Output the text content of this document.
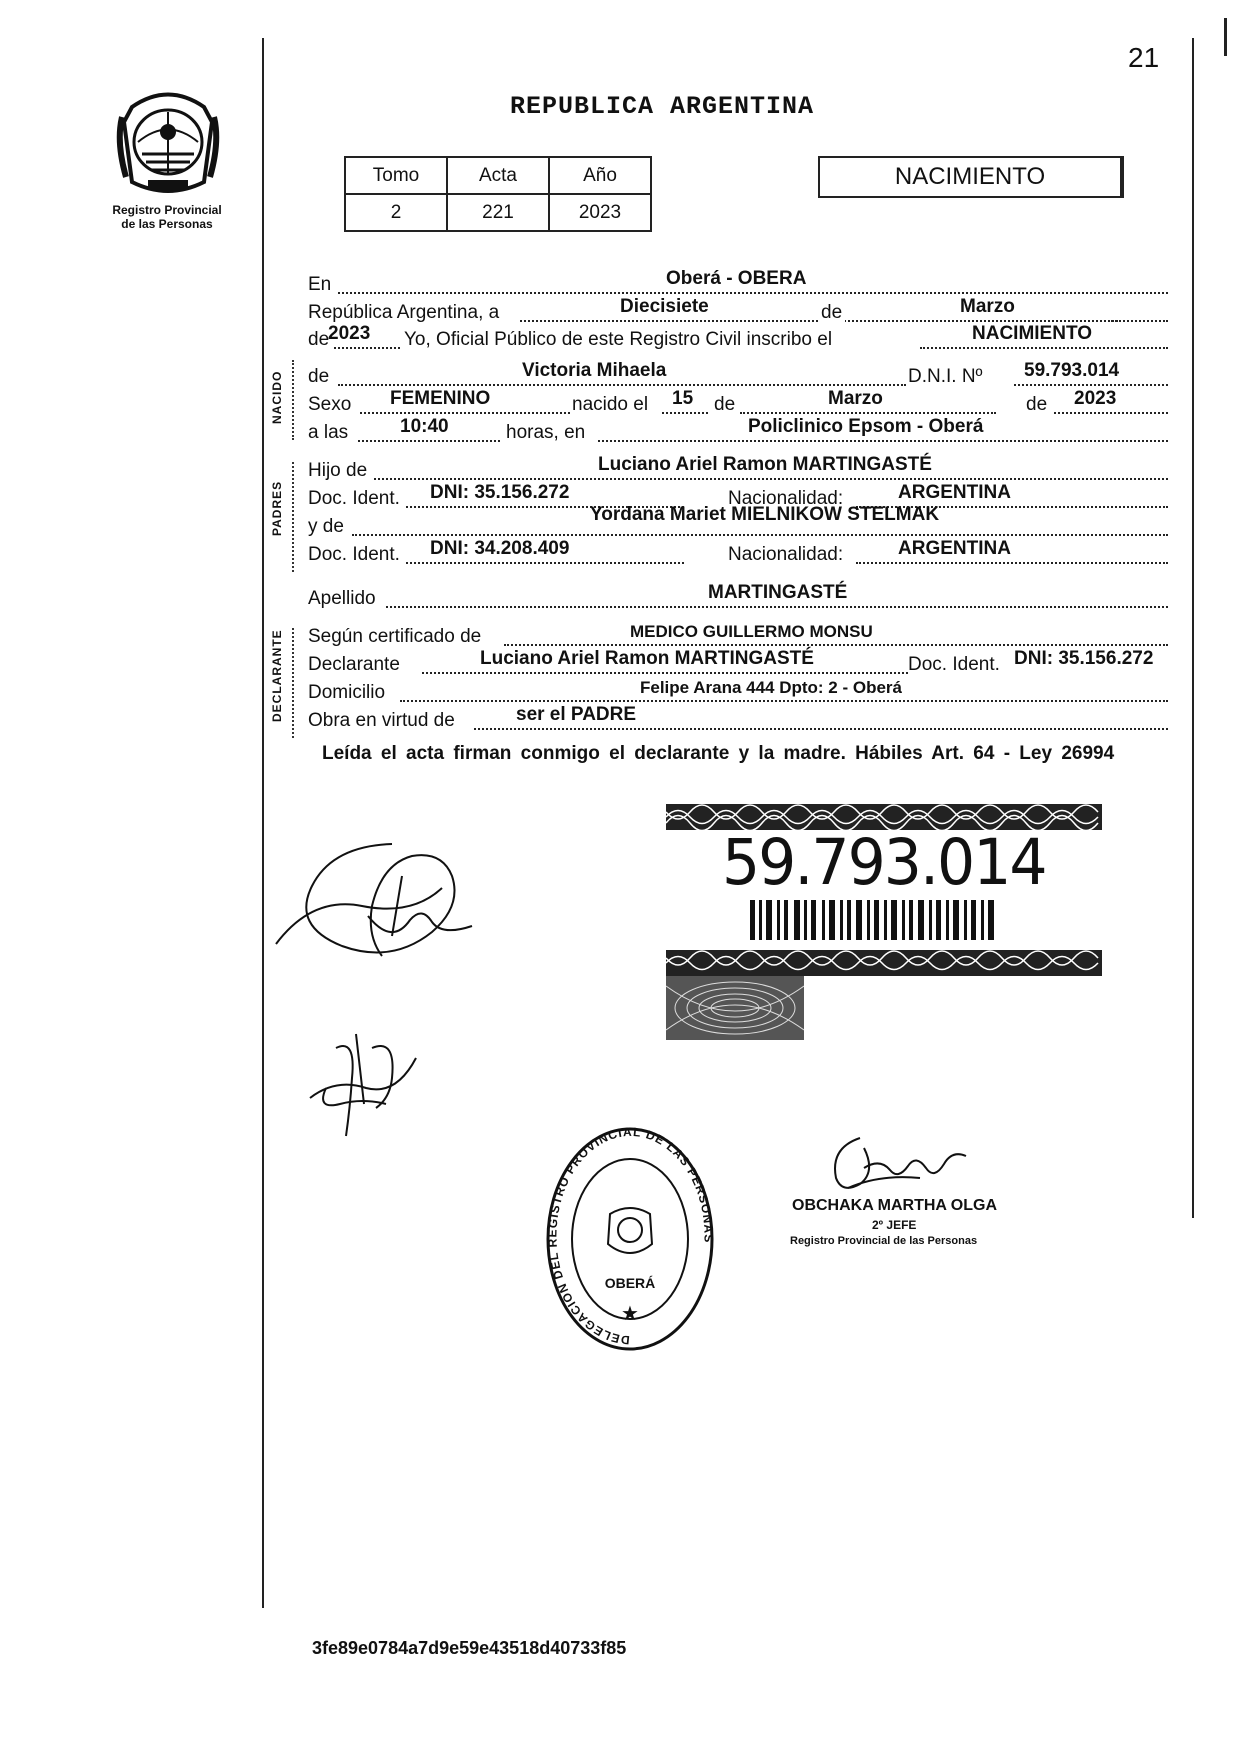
21
Registro Provincial
de las Personas
REPUBLICA ARGENTINA
Tomo	Acta	Año
2	221	2023
NACIMIENTO
NACIDO
PADRES
DECLARANTE
En	Oberá - OBERA
República Argentina, a	Diecisiete	de	Marzo
de
2023 Yo, Oficial Público de este Registro Civil inscribo el	NACIMIENTO
de	Victoria Mihaela	D.N.I. Nº 59.793.014
Sexo FEMENINO	nacido el 15 de	Marzo	de 2023
a las	10:40	horas, en	Policlinico Epsom - Oberá
Hijo de	Luciano Ariel Ramon MARTINGASTÉ
Doc. Ident. DNI: 35.156.272	Nacionalidad:	ARGENTINA
y de
Yordana Mariet MIELNIKOW STELMAK
Doc. Ident. DNI: 34.208.409	Nacionalidad:	ARGENTINA
Apellido	MARTINGASTÉ
Según certificado de	MEDICO GUILLERMO MONSU
Declarante	Luciano Ariel Ramon MARTINGASTÉ	Doc. Ident. DNI: 35.156.272
Domicilio	Felipe Arana 444 Dpto: 2 - Oberá
Obra en virtud de	ser el PADRE
Leída el acta firman conmigo el declarante y la madre. Hábiles Art. 64 - Ley 26994
59.793.014
OBCHAKA MARTHA OLGA
2º JEFE
Registro Provincial de las Personas
DELEGACIÓN DEL REGISTRO PROVINCIAL DE LAS PERSONAS
OBERÁ
★
3fe89e0784a7d9e59e43518d40733f85
